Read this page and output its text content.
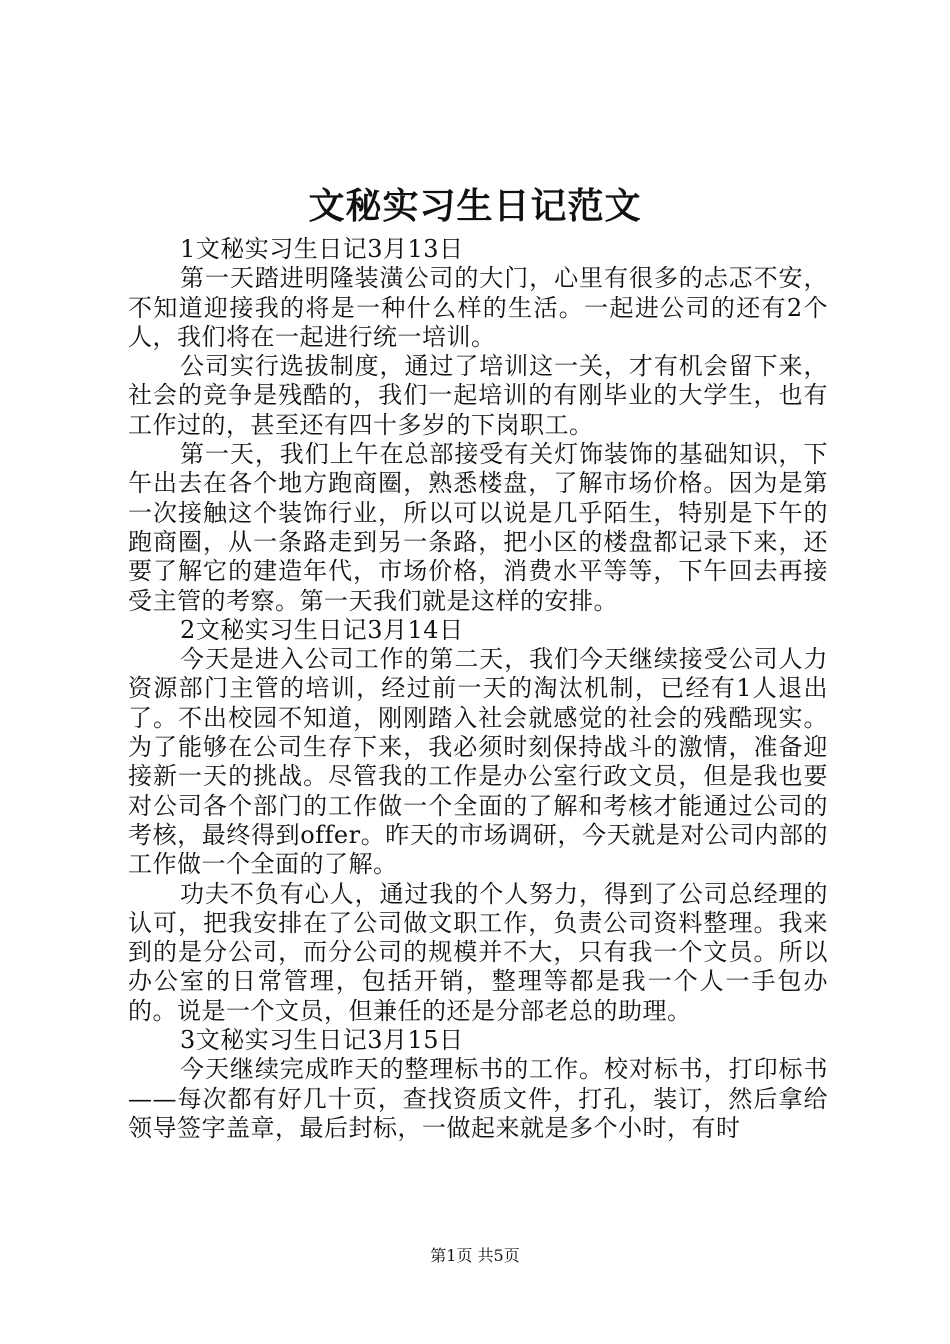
文秘实习生日记范文

1文秘实习生日记3月13日

第一天踏进明隆装潢公司的大门，心里有很多的忐忑不安，不知道迎接我的将是一种什么样的生活。一起进公司的还有2个人，我们将在一起进行统一培训。

公司实行选拔制度，通过了培训这一关，才有机会留下来，社会的竞争是残酷的，我们一起培训的有刚毕业的大学生，也有工作过的，甚至还有四十多岁的下岗职工。

第一天，我们上午在总部接受有关灯饰装饰的基础知识，下午出去在各个地方跑商圈，熟悉楼盘，了解市场价格。因为是第一次接触这个装饰行业，所以可以说是几乎陌生，特别是下午的跑商圈，从一条路走到另一条路，把小区的楼盘都记录下来，还要了解它的建造年代，市场价格，消费水平等等，下午回去再接受主管的考察。第一天我们就是这样的安排。

2文秘实习生日记3月14日

今天是进入公司工作的第二天，我们今天继续接受公司人力资源部门主管的培训，经过前一天的淘汰机制，已经有1人退出了。不出校园不知道，刚刚踏入社会就感觉的社会的残酷现实。为了能够在公司生存下来，我必须时刻保持战斗的激情，准备迎接新一天的挑战。尽管我的工作是办公室行政文员，但是我也要对公司各个部门的工作做一个全面的了解和考核才能通过公司的考核，最终得到offer。昨天的市场调研，今天就是对公司内部的工作做一个全面的了解。

功夫不负有心人，通过我的个人努力，得到了公司总经理的认可，把我安排在了公司做文职工作，负责公司资料整理。我来到的是分公司，而分公司的规模并不大，只有我一个文员。所以办公室的日常管理，包括开销，整理等都是我一个人一手包办的。说是一个文员，但兼任的还是分部老总的助理。

3文秘实习生日记3月15日

今天继续完成昨天的整理标书的工作。校对标书，打印标书——每次都有好几十页，查找资质文件，打孔，装订，然后拿给领导签字盖章，最后封标，一做起来就是多个小时，有时

第1页 共5页
